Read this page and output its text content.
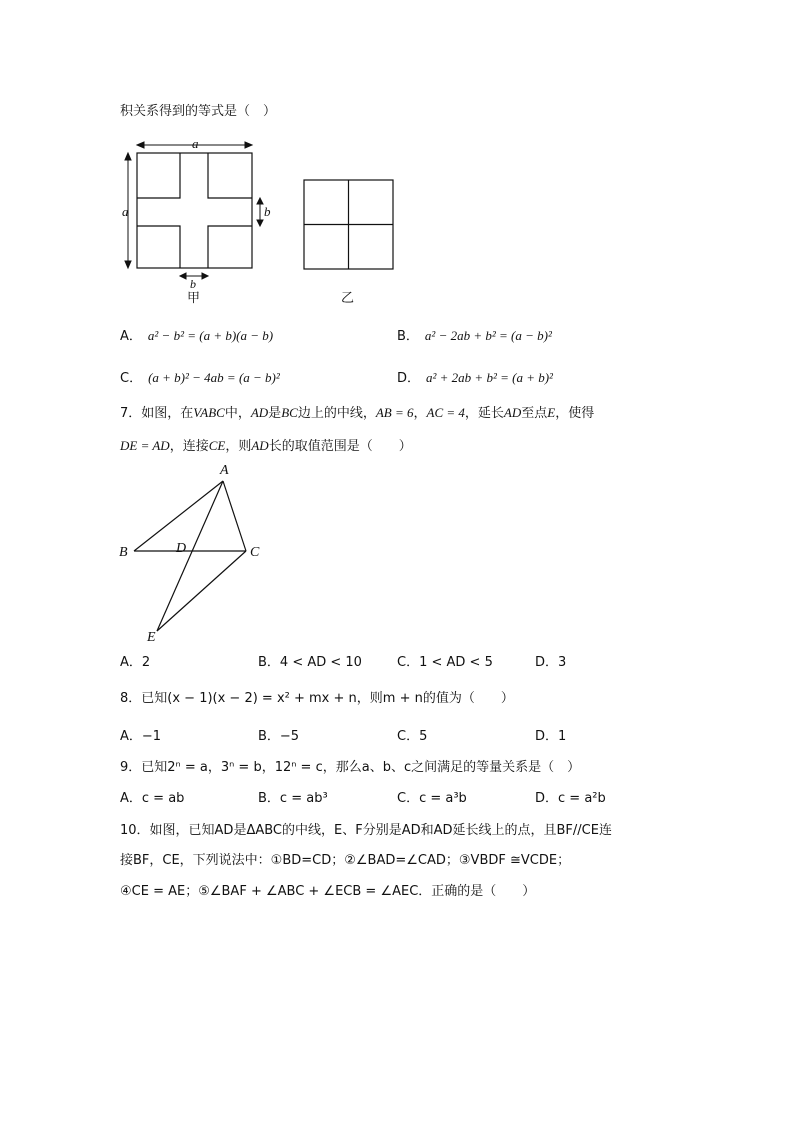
积关系得到的等式是（　）
a
a	b
b
甲	乙
A． a² − b² = (a + b)(a − b)	B． a² − 2ab + b² = (a − b)²
C． (a + b)² − 4ab = (a − b)²	D． a² + 2ab + b² = (a + b)²
7．如图，在VABC中，AD是BC边上的中线，AB = 6，AC = 4，延长AD至点E，使得
DE = AD，连接CE，则AD长的取值范围是（　　）
A
B	C
D
E
A．2	B．4 < AD < 10	C．1 < AD < 5	D．3
8．已知(x − 1)(x − 2) = x² + mx + n，则m + n的值为（　　）
A．−1	B．−5	C．5	D．1
9．已知2ⁿ = a，3ⁿ = b，12ⁿ = c，那么a、b、c之间满足的等量关系是（　）
A．c = ab	B．c = ab³	C．c = a³b	D．c = a²b
10．如图，已知AD是ΔABC的中线，E、F分别是AD和AD延长线上的点，且BF//CE连
接BF，CE，下列说法中：①BD=CD；②∠BAD=∠CAD；③VBDF ≅VCDE；
④CE = AE；⑤∠BAF + ∠ABC + ∠ECB = ∠AEC．正确的是（　　）
